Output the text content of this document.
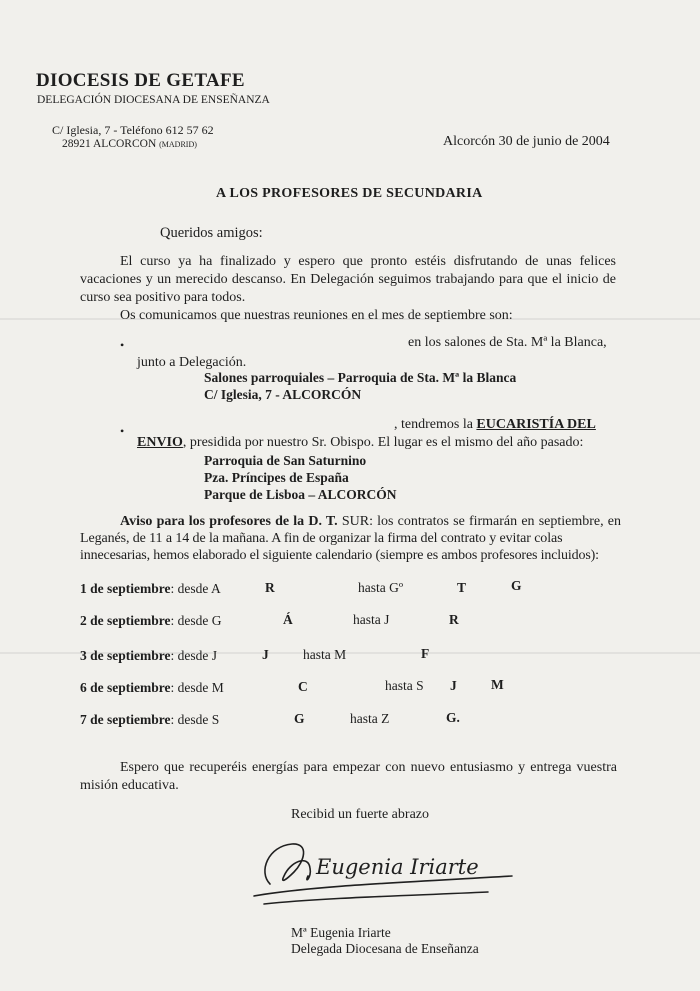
DIOCESIS DE GETAFE
DELEGACIÓN DIOCESANA DE ENSEÑANZA
C/ Iglesia, 7 - Teléfono 612 57 62
28921 ALCORCON (MADRID)	Alcorcón 30 de junio de 2004
A LOS PROFESORES DE SECUNDARIA
Queridos amigos:
El curso ya ha finalizado y espero que pronto estéis disfrutando de unas felices
vacaciones y un merecido descanso. En Delegación seguimos trabajando para que el inicio de
curso sea positivo para todos.
Os comunicamos que nuestras reuniones en el mes de septiembre son:
•	en los salones de Sta. Mª la Blanca,
junto a Delegación.
Salones parroquiales – Parroquia de Sta. Mª la Blanca
C/ Iglesia, 7 - ALCORCÓN
•	, tendremos la EUCARISTÍA DEL
ENVIO, presidida por nuestro Sr. Obispo. El lugar es el mismo del año pasado:
Parroquia de San Saturnino
Pza. Príncipes de España
Parque de Lisboa – ALCORCÓN
Aviso para los profesores de la D. T. SUR: los contratos se firmarán en septiembre, en
Leganés, de 11 a 14 de la mañana. A fin de organizar la firma del contrato y evitar colas
innecesarias, hemos elaborado el siguiente calendario (siempre es ambos profesores incluidos):
1 de septiembre: desde A	R	hasta Gº	T	G
2 de septiembre: desde G	Á	hasta J	R
3 de septiembre: desde J	J	hasta M	F
6 de septiembre: desde M	C	hasta S J	M
7 de septiembre: desde S	G	hasta Z	G.
Espero que recuperéis energías para empezar con nuevo entusiasmo y entrega vuestra
misión educativa.
Recibid un fuerte abrazo
Eugenia Iriarte
Mª Eugenia Iriarte
Delegada Diocesana de Enseñanza
